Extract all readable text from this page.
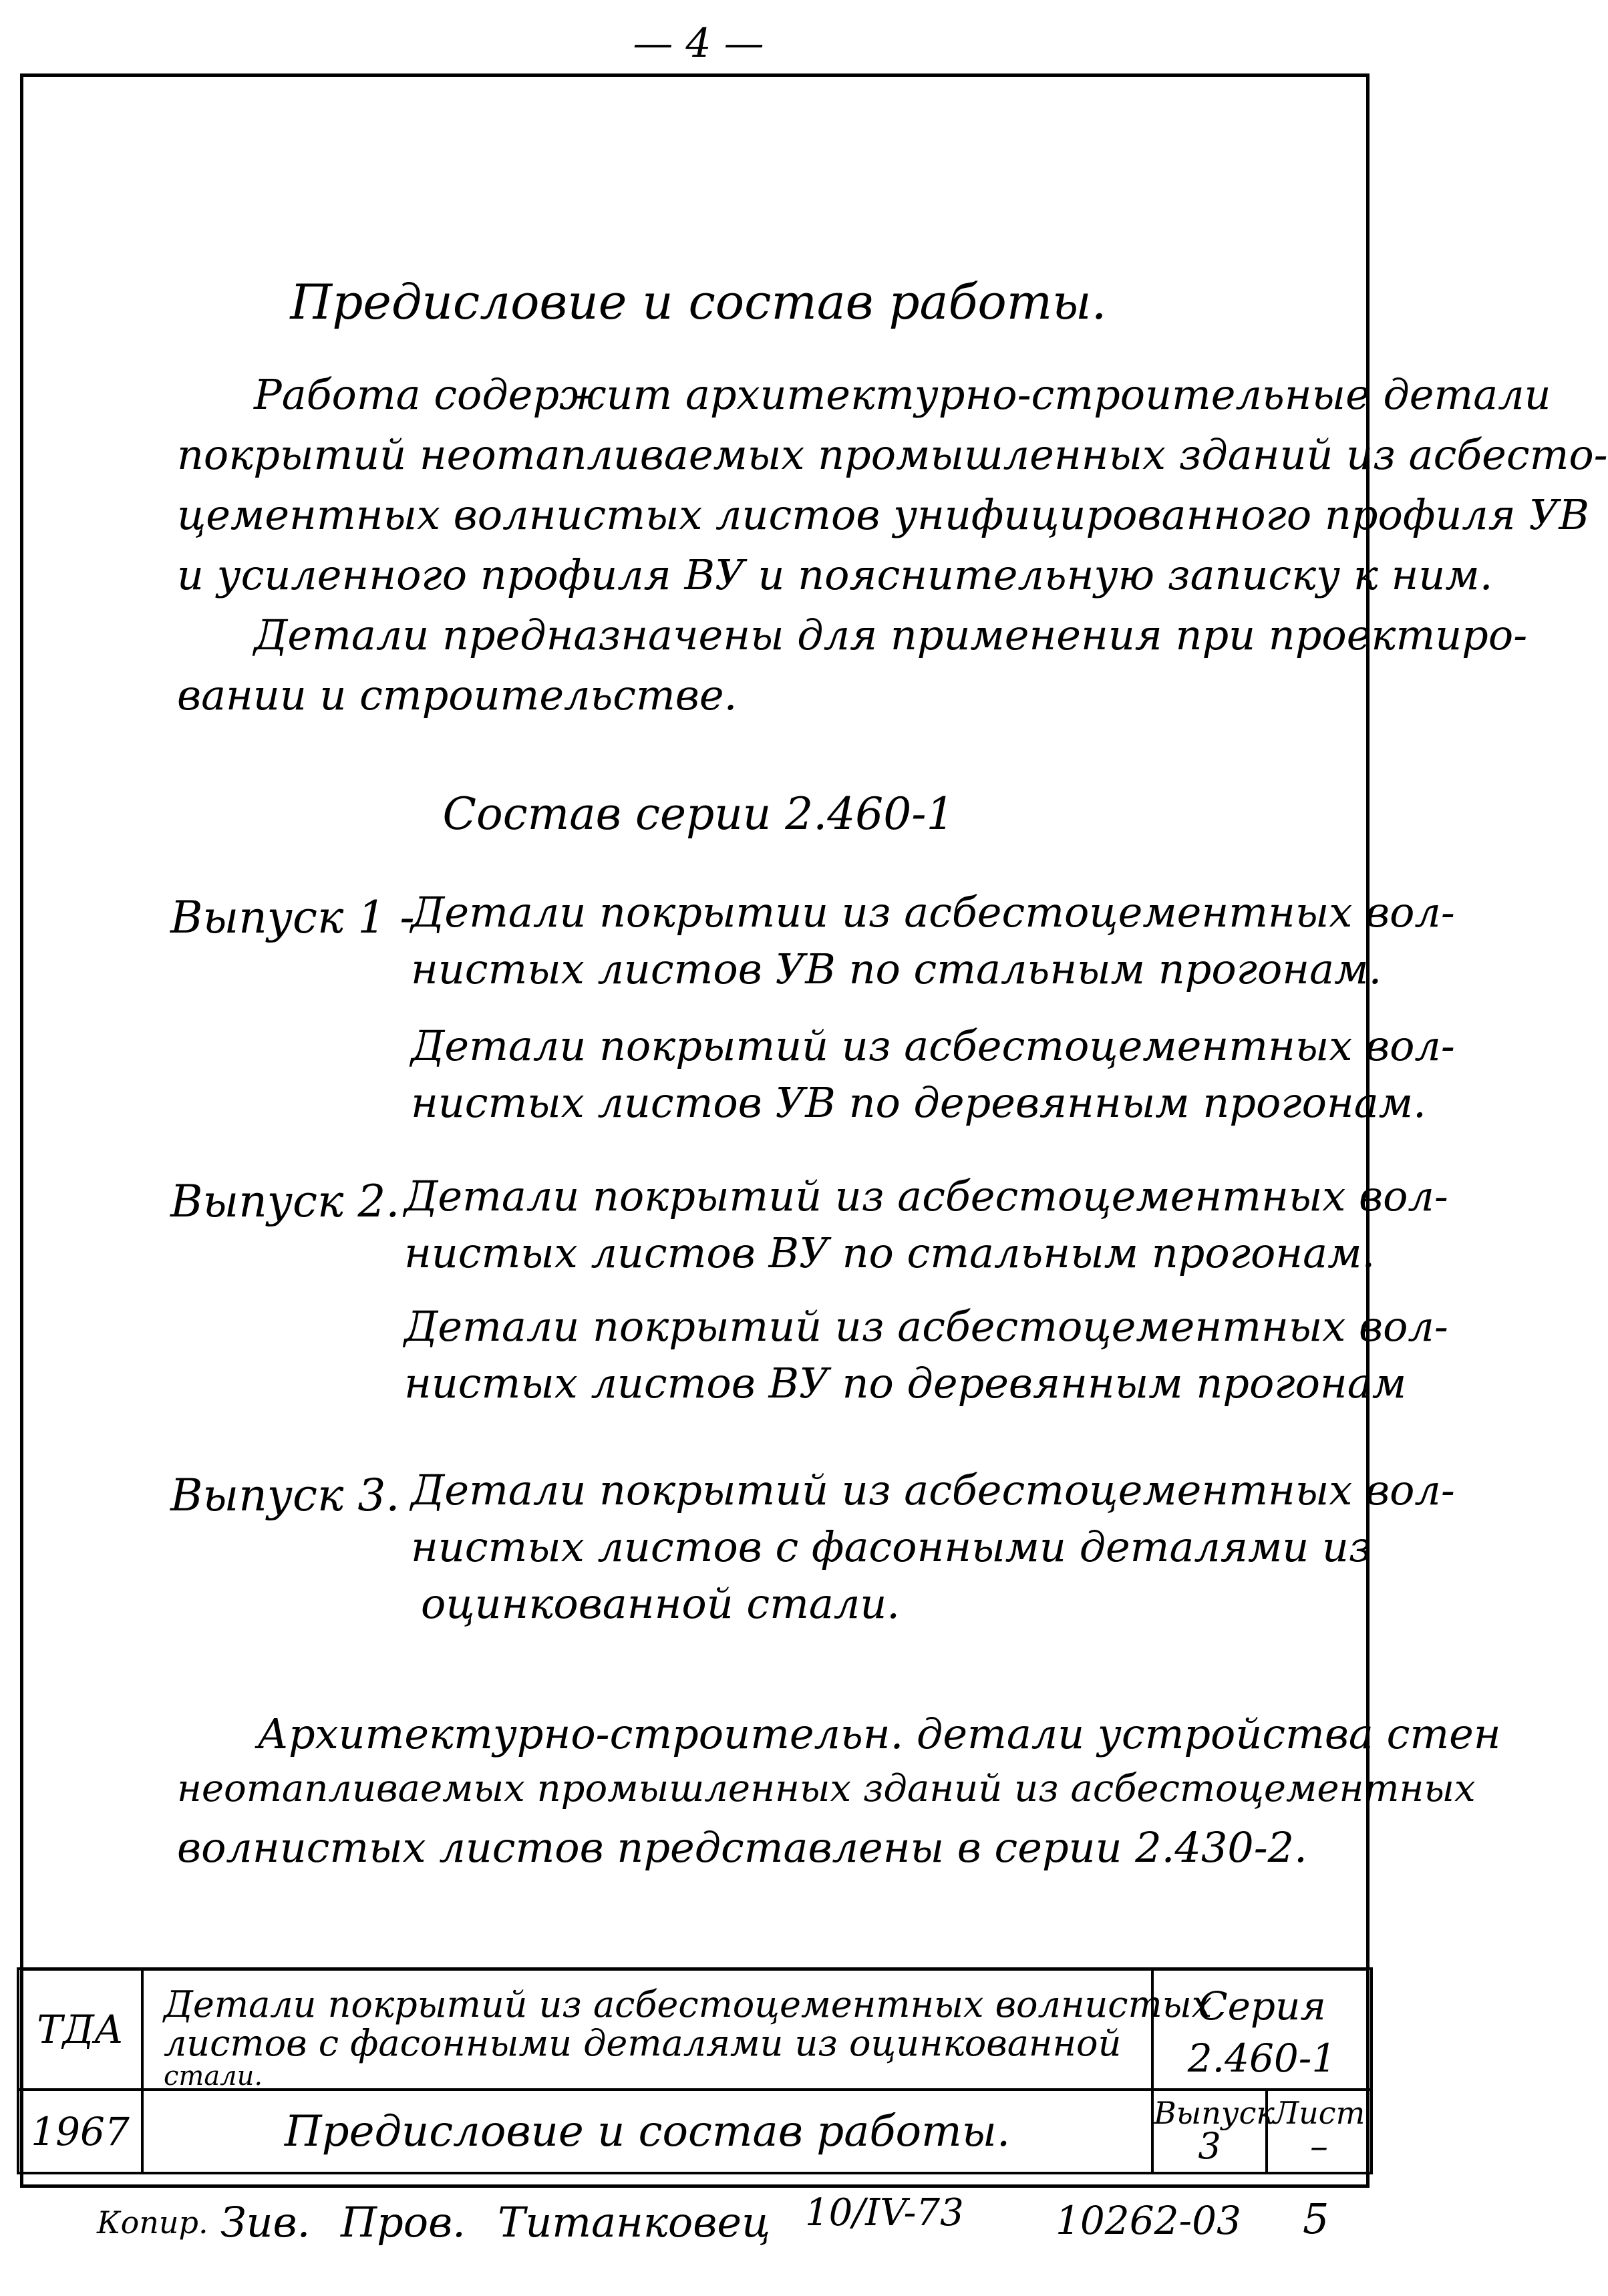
— 4 —
Предисловие и состав работы.
Работа содержит архитектурно-строительные детали
покрытий неотапливаемых промышленных зданий из асбесто-
цементных волнистых листов унифицированного профиля УВ
и усиленного профиля ВУ и пояснительную записку к ним.
Детали предназначены для применения при проектиро-
вании и строительстве.
Состав серии 2.460-1
Выпуск 1 -
Детали покрытии из асбестоцементных вол-
нистых листов УВ по стальным прогонам.
Детали покрытий из асбестоцементных вол-
нистых листов УВ по деревянным прогонам.
Выпуск 2. Детали покрытий из асбестоцементных вол-
нистых листов ВУ по стальным прогонам.
Детали покрытий из асбестоцементных вол-
нистых листов ВУ по деревянным прогонам
Выпуск 3. Детали покрытий из асбестоцементных вол-
нистых листов с фасонными деталями из
оцинкованной стали.
Архитектурно-строительн. детали устройства стен
неотапливаемых промышленных зданий из асбестоцементных
волнистых листов представлены в серии 2.430-2.
ТДА
1967
Детали покрытий из асбестоцементных волнистых
листов с фасонными деталями из оцинкованной
стали.
Серия
2.460-1
Предисловие и состав работы.	Выпуск
3
Лист
–
Копир. Зив. Пров. Титанковец 10/IV-73 10262-03 5
